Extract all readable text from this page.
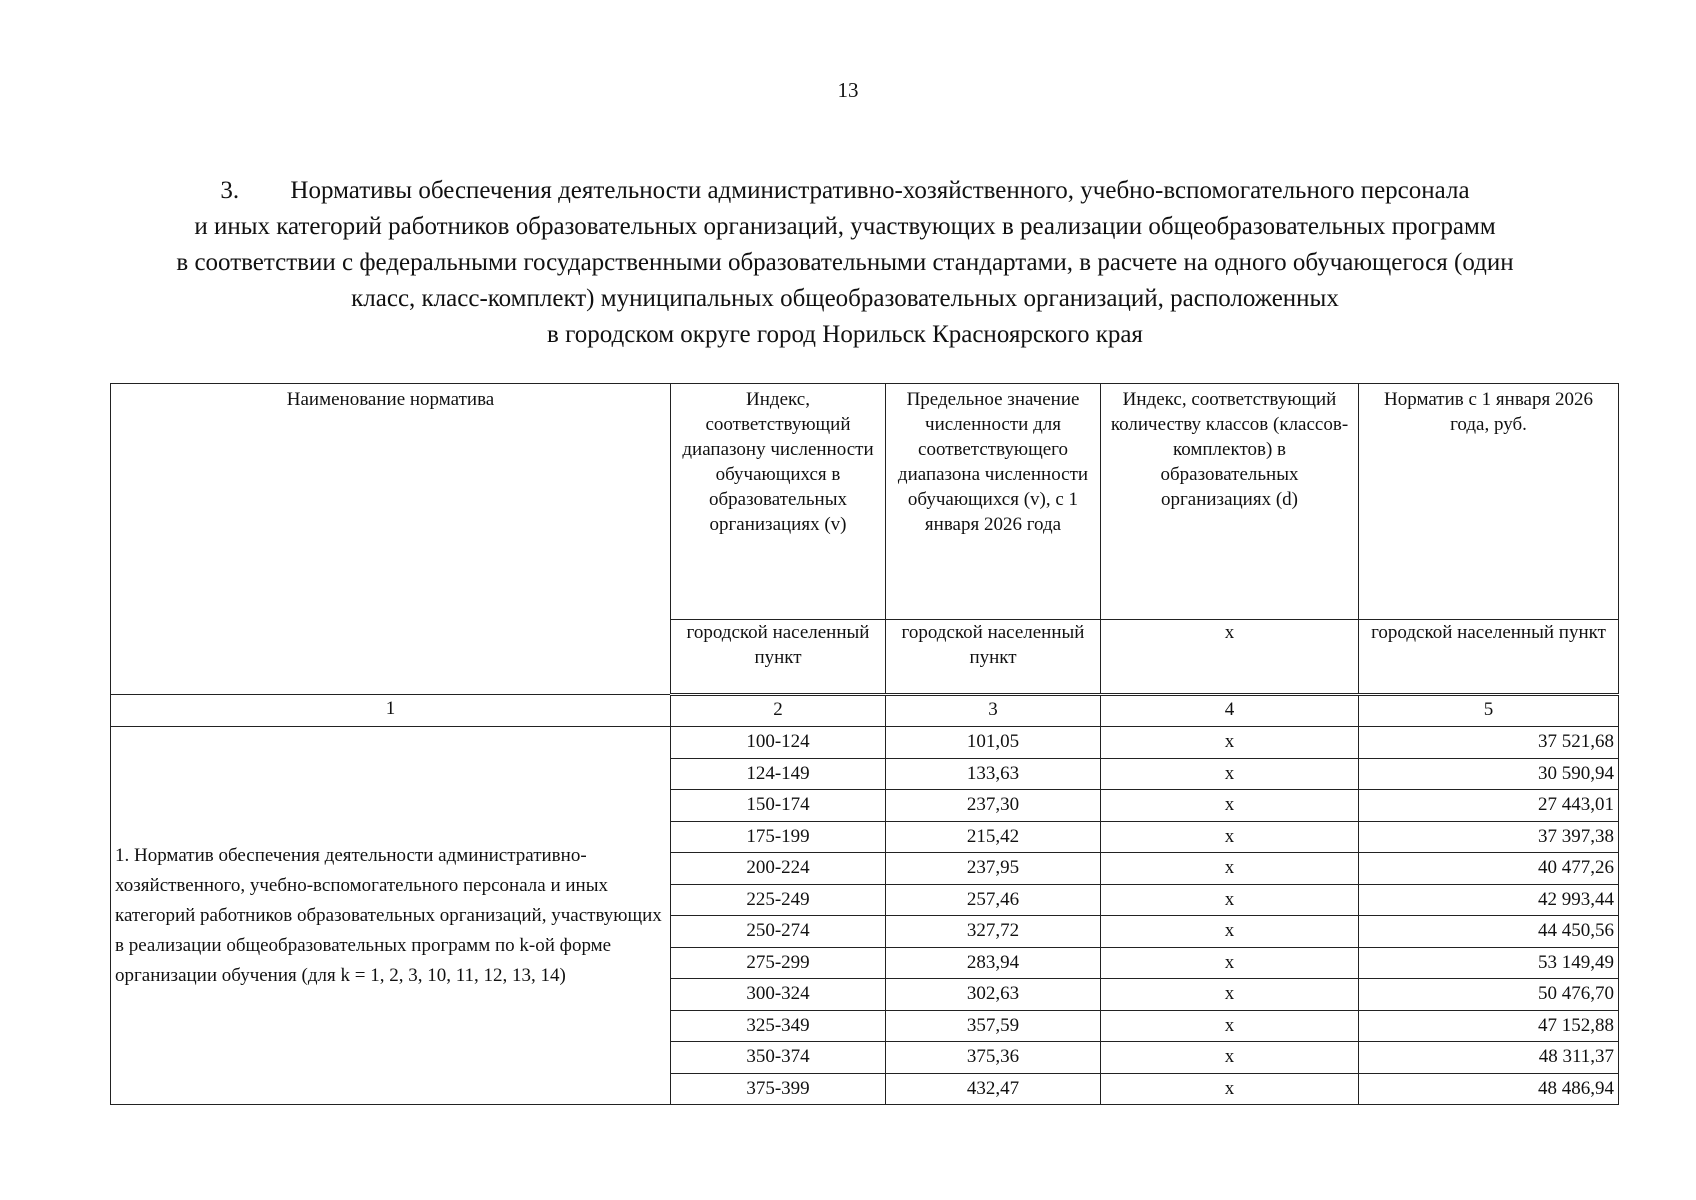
13
3. Нормативы обеспечения деятельности административно-хозяйственного, учебно-вспомогательного персонала
и иных категорий работников образовательных организаций, участвующих в реализации общеобразовательных программ
в соответствии с федеральными государственными образовательными стандартами, в расчете на одного обучающегося (один
класс, класс-комплект) муниципальных общеобразовательных организаций, расположенных
в городском округе город Норильск Красноярского края
Наименование норматива	Индекс, соответствующий диапазону численности обучающихся в образовательных организациях (v)	Предельное значение численности для соответствующего диапазона численности обучающихся (v), с 1 января 2026 года	Индекс, соответствующий количеству классов (классов-комплектов) в образовательных организациях (d)	Норматив с 1 января 2026 года, руб.
	городской населенный пункт	городской населенный пункт	х	городской населенный пункт
1	2	3	4	5
1. Норматив обеспечения деятельности административно-хозяйственного, учебно-вспомогательного персонала и иных категорий работников образовательных организаций, участвующих в реализации общеобразовательных программ по k-ой форме организации обучения (для k = 1, 2, 3, 10, 11, 12, 13, 14)	100-124	101,05	х	37 521,68
	124-149	133,63	х	30 590,94
	150-174	237,30	х	27 443,01
	175-199	215,42	х	37 397,38
	200-224	237,95	х	40 477,26
	225-249	257,46	х	42 993,44
	250-274	327,72	х	44 450,56
	275-299	283,94	х	53 149,49
	300-324	302,63	х	50 476,70
	325-349	357,59	х	47 152,88
	350-374	375,36	х	48 311,37
	375-399	432,47	х	48 486,94
